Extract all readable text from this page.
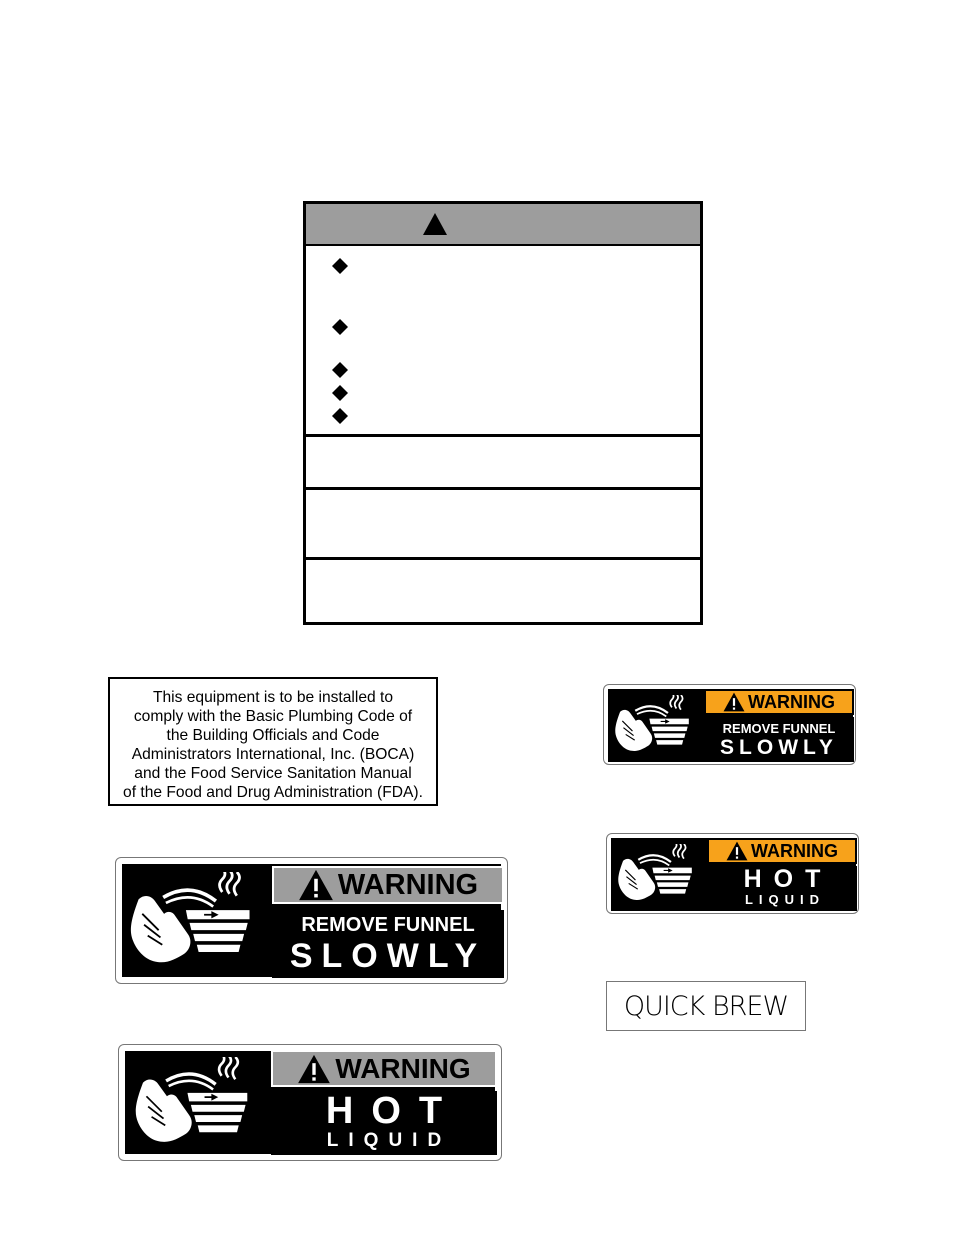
This equipment is to be installed to
comply with the Basic Plumbing Code of
the Building Officials and Code
Administrators International, Inc. (BOCA)
and the Food Service Sanitation Manual
of the Food and Drug Administration (FDA).
WARNING
REMOVE FUNNEL
SLOWLY
WARNING
HOT
LIQUID
WARNING
REMOVE FUNNEL
SLOWLY
WARNING
HOT
LIQUID
QUICK BREW
